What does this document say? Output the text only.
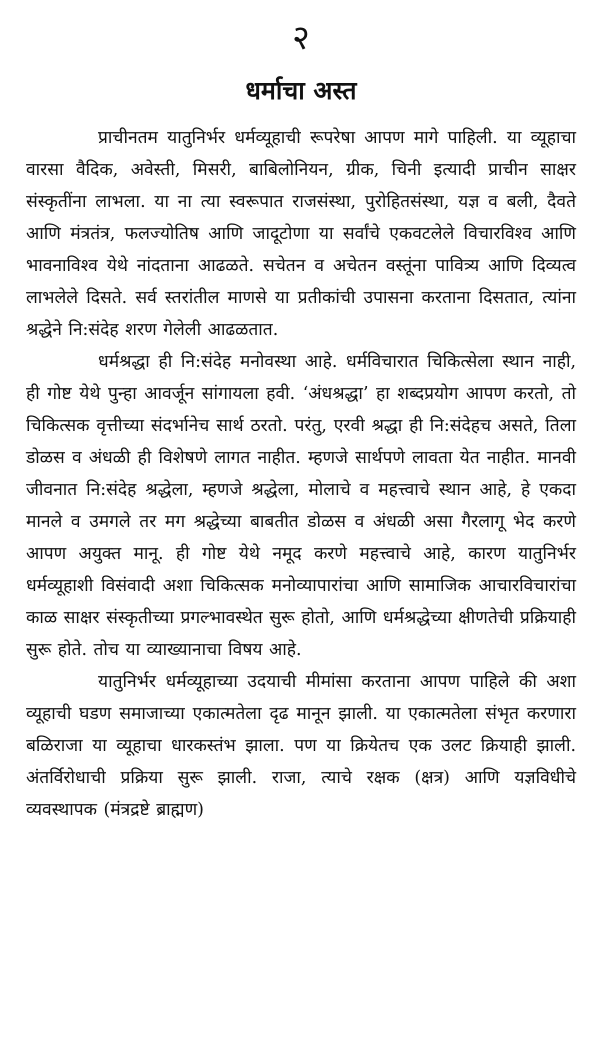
२
धर्माचा अस्त

प्राचीनतम यातुनिर्भर धर्मव्यूहाची रूपरेषा आपण मागे पाहिली. या व्यूहाचा वारसा वैदिक, अवेस्ती, मिसरी, बाबिलोनियन, ग्रीक, चिनी इत्यादी प्राचीन साक्षर संस्कृतींना लाभला. या ना त्या स्वरूपात राजसंस्था, पुरोहितसंस्था, यज्ञ व बली, दैवते आणि मंत्रतंत्र, फलज्योतिष आणि जादूटोणा या सर्वांचे एकवटलेले विचारविश्व आणि भावनाविश्व येथे नांदताना आढळते. सचेतन व अचेतन वस्तूंना पावित्र्य आणि दिव्यत्व लाभलेले दिसते. सर्व स्तरांतील माणसे या प्रतीकांची उपासना करताना दिसतात, त्यांना श्रद्धेने नि:संदेह शरण गेलेली आढळतात.

धर्मश्रद्धा ही नि:संदेह मनोवस्था आहे. धर्मविचारात चिकित्सेला स्थान नाही, ही गोष्ट येथे पुन्हा आवर्जून सांगायला हवी. ‘अंधश्रद्धा’ हा शब्दप्रयोग आपण करतो, तो चिकित्सक वृत्तीच्या संदर्भानेच सार्थ ठरतो. परंतु, एरवी श्रद्धा ही नि:संदेहच असते, तिला डोळस व अंधळी ही विशेषणे लागत नाहीत. म्हणजे सार्थपणे लावता येत नाहीत. मानवी जीवनात नि:संदेह श्रद्धेला, म्हणजे श्रद्धेला, मोलाचे व महत्त्वाचे स्थान आहे, हे एकदा मानले व उमगले तर मग श्रद्धेच्या बाबतीत डोळस व अंधळी असा गैरलागू भेद करणे आपण अयुक्त मानू. ही गोष्ट येथे नमूद करणे महत्त्वाचे आहे, कारण यातुनिर्भर धर्मव्यूहाशी विसंवादी अशा चिकित्सक मनोव्यापारांचा आणि सामाजिक आचारविचारांचा काळ साक्षर संस्कृतीच्या प्रगल्भावस्थेत सुरू होतो, आणि धर्मश्रद्धेच्या क्षीणतेची प्रक्रियाही सुरू होते. तोच या व्याख्यानाचा विषय आहे.

यातुनिर्भर धर्मव्यूहाच्या उदयाची मीमांसा करताना आपण पाहिले की अशा व्यूहाची घडण समाजाच्या एकात्मतेला दृढ मानून झाली. या एकात्मतेला संभृत करणारा बळिराजा या व्यूहाचा धारकस्तंभ झाला. पण या क्रियेतच एक उलट क्रियाही झाली. अंतर्विरोधाची प्रक्रिया सुरू झाली. राजा, त्याचे रक्षक (क्षत्र) आणि यज्ञविधीचे व्यवस्थापक (मंत्रद्रष्टे ब्राह्मण)
